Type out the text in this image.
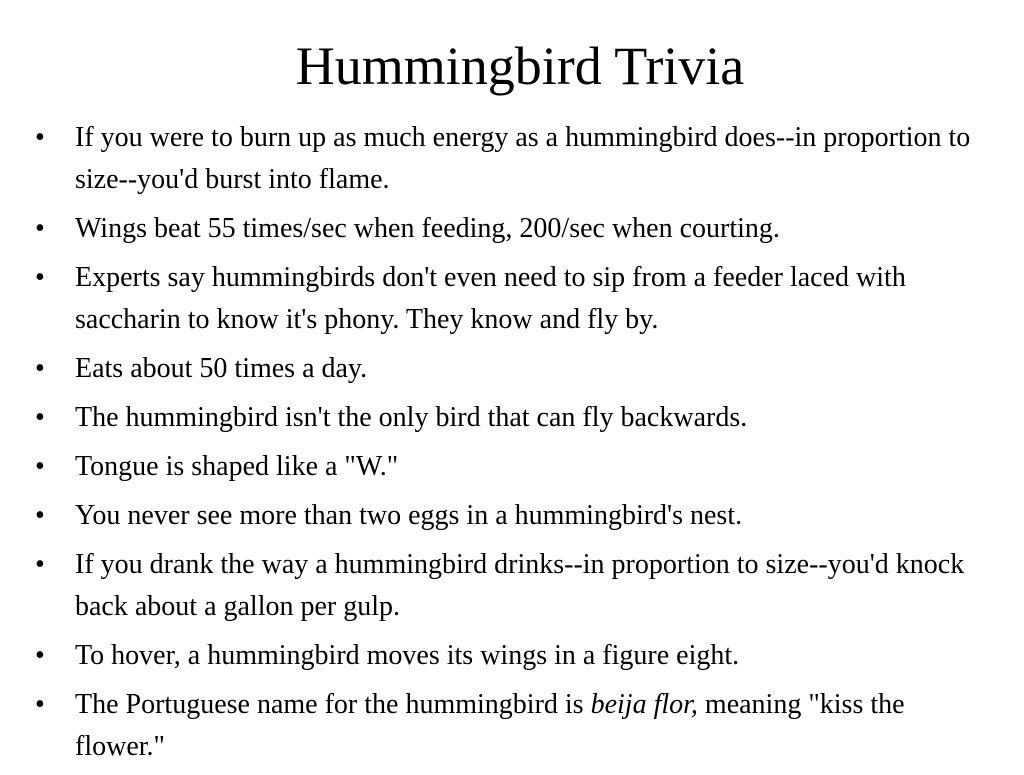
Hummingbird Trivia
• If you were to burn up as much energy as a hummingbird does--in proportion to size--you'd burst into flame.
• Wings beat 55 times/sec when feeding, 200/sec when courting.
• Experts say hummingbirds don't even need to sip from a feeder laced with saccharin to know it's phony. They know and fly by.
• Eats about 50 times a day.
• The hummingbird isn't the only bird that can fly backwards.
• Tongue is shaped like a "W."
• You never see more than two eggs in a hummingbird's nest.
• If you drank the way a hummingbird drinks--in proportion to size--you'd knock back about a gallon per gulp.
• To hover, a hummingbird moves its wings in a figure eight.
• The Portuguese name for the hummingbird is beija flor, meaning "kiss the flower."
